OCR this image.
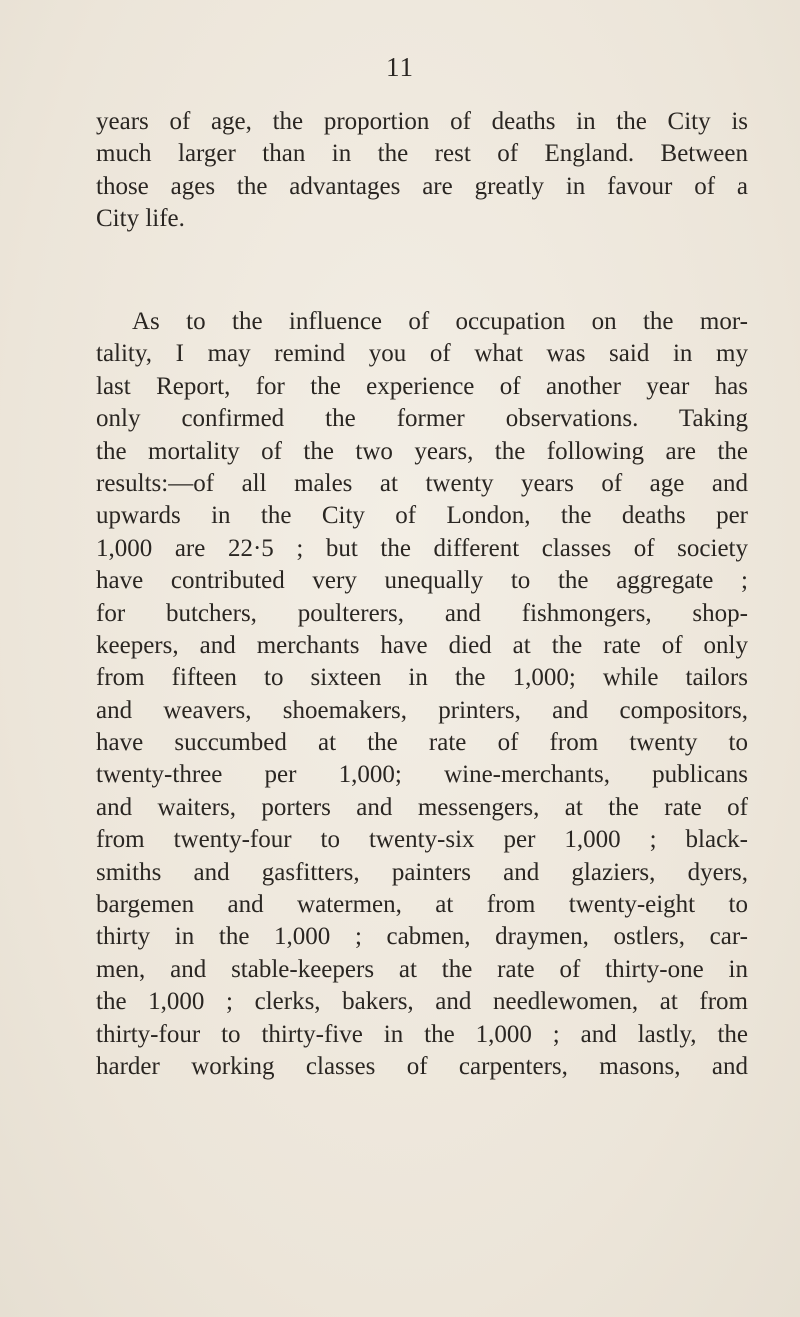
11
years of age, the proportion of deaths in the City is
much larger than in the rest of England. Between
those ages the advantages are greatly in favour of a
City life.
As to the influence of occupation on the mor-
tality, I may remind you of what was said in my
last Report, for the experience of another year has
only confirmed the former observations. Taking
the mortality of the two years, the following are the
results:—of all males at twenty years of age and
upwards in the City of London, the deaths per
1,000 are 22·5 ; but the different classes of society
have contributed very unequally to the aggregate ;
for butchers, poulterers, and fishmongers, shop-
keepers, and merchants have died at the rate of only
from fifteen to sixteen in the 1,000; while tailors
and weavers, shoemakers, printers, and compositors,
have succumbed at the rate of from twenty to
twenty-three per 1,000; wine-merchants, publicans
and waiters, porters and messengers, at the rate of
from twenty-four to twenty-six per 1,000 ; black-
smiths and gasfitters, painters and glaziers, dyers,
bargemen and watermen, at from twenty-eight to
thirty in the 1,000 ; cabmen, draymen, ostlers, car-
men, and stable-keepers at the rate of thirty-one in
the 1,000 ; clerks, bakers, and needlewomen, at from
thirty-four to thirty-five in the 1,000 ; and lastly, the
harder working classes of carpenters, masons, and
